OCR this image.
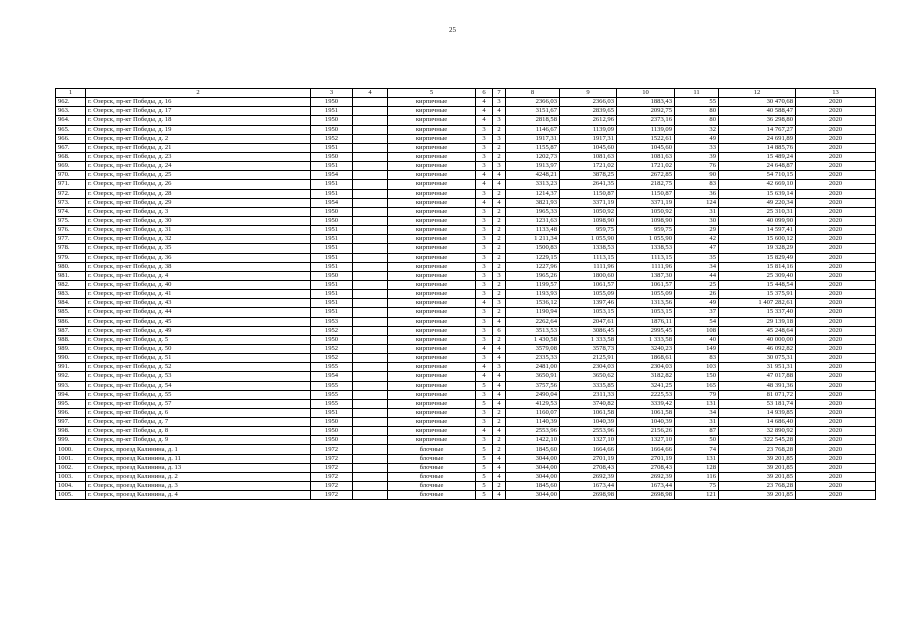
25
1	2	3	4	5	6	7	8	9	10	11	12	13
962.	г. Озерск, пр-кт Победы, д. 16	1950		кирпичные	4	3	2366,03	2366,03	1883,43	55	30 470,68	2020
963.	г. Озерск, пр-кт Победы, д. 17	1951		кирпичные	4	4	3151,67	2839,65	2092,75	80	40 588,47	2020
964.	г. Озерск, пр-кт Победы, д. 18	1950		кирпичные	4	3	2818,58	2612,96	2373,16	80	36 298,80	2020
965.	г. Озерск, пр-кт Победы, д. 19	1950		кирпичные	3	2	1146,67	1139,09	1139,09	32	14 767,27	2020
966.	г. Озерск, пр-кт Победы, д. 2	1952		кирпичные	3	3	1917,31	1917,31	1522,61	49	24 691,89	2020
967.	г. Озерск, пр-кт Победы, д. 21	1951		кирпичные	3	2	1155,87	1045,60	1045,60	33	14 885,76	2020
968.	г. Озерск, пр-кт Победы, д. 23	1950		кирпичные	3	2	1202,73	1081,63	1081,63	39	15 489,24	2020
969.	г. Озерск, пр-кт Победы, д. 24	1951		кирпичные	3	3	1913,97	1721,02	1721,02	76	24 648,87	2020
970.	г. Озерск, пр-кт Победы, д. 25	1954		кирпичные	4	4	4248,21	3878,25	2672,85	90	54 710,15	2020
971.	г. Озерск, пр-кт Победы, д. 26	1951		кирпичные	4	4	3313,23	2641,35	2182,75	83	42 669,10	2020
972.	г. Озерск, пр-кт Победы, д. 28	1951		кирпичные	3	2	1214,37	1150,87	1150,87	36	15 639,14	2020
973.	г. Озерск, пр-кт Победы, д. 29	1954		кирпичные	4	4	3821,93	3371,19	3371,19	124	49 220,34	2020
974.	г. Озерск, пр-кт Победы, д. 3	1950		кирпичные	3	2	1965,33	1050,92	1050,92	31	25 310,31	2020
975.	г. Озерск, пр-кт Победы, д. 30	1950		кирпичные	3	2	1231,63	1098,90	1098,90	30	40 099,90	2020
976.	г. Озерск, пр-кт Победы, д. 31	1951		кирпичные	3	2	1133,48	959,75	959,75	29	14 597,41	2020
977.	г. Озерск, пр-кт Победы, д. 32	1951		кирпичные	3	2	1 211,34	1 055,90	1 055,90	42	15 600,12	2020
978.	г. Озерск, пр-кт Победы, д. 35	1951		кирпичные	3	2	1500,83	1338,53	1338,53	47	19 328,29	2020
979.	г. Озерск, пр-кт Победы, д. 36	1951		кирпичные	3	2	1229,15	1113,15	1113,15	35	15 829,49	2020
980.	г. Озерск, пр-кт Победы, д. 38	1951		кирпичные	3	2	1227,96	1111,96	1111,96	34	15 814,16	2020
981.	г. Озерск, пр-кт Победы, д. 4	1950		кирпичные	3	3	1965,26	1800,60	1387,30	44	25 309,40	2020
982.	г. Озерск, пр-кт Победы, д. 40	1951		кирпичные	3	2	1199,57	1061,57	1061,57	25	15 448,54	2020
983.	г. Озерск, пр-кт Победы, д. 41	1951		кирпичные	3	2	1193,93	1055,09	1055,09	26	15 375,91	2020
984.	г. Озерск, пр-кт Победы, д. 43	1951		кирпичные	4	3	1536,12	1397,46	1313,56	49	1 407 282,61	2020
985.	г. Озерск, пр-кт Победы, д. 44	1951		кирпичные	3	2	1190,94	1053,15	1053,15	37	15 337,40	2020
986.	г. Озерск, пр-кт Победы, д. 45	1953		кирпичные	3	4	2262,64	2047,61	1876,11	54	29 139,18	2020
987.	г. Озерск, пр-кт Победы, д. 49	1952		кирпичные	3	6	3513,53	3086,45	2995,45	108	45 248,64	2020
988.	г. Озерск, пр-кт Победы, д. 5	1950		кирпичные	3	2	1 430,58	1 333,58	1 333,58	40	40 000,00	2020
989.	г. Озерск, пр-кт Победы, д. 50	1952		кирпичные	4	4	3579,08	3578,73	3240,23	149	46 092,82	2020
990.	г. Озерск, пр-кт Победы, д. 51	1952		кирпичные	3	4	2335,33	2125,91	1868,61	83	30 075,31	2020
991.	г. Озерск, пр-кт Победы, д. 52	1955		кирпичные	4	3	2481,00	2304,03	2304,03	103	31 951,31	2020
992.	г. Озерск, пр-кт Победы, д. 53	1954		кирпичные	4	4	3650,91	3650,62	3182,82	150	47 017,88	2020
993.	г. Озерск, пр-кт Победы, д. 54	1955		кирпичные	5	4	3757,56	3335,85	3241,25	165	48 391,36	2020
994.	г. Озерск, пр-кт Победы, д. 55	1955		кирпичные	3	4	2490,04	2311,33	2225,53	79	81 071,72	2020
995.	г. Озерск, пр-кт Победы, д. 57	1955		кирпичные	5	4	4129,53	3740,82	3339,42	131	53 181,74	2020
996.	г. Озерск, пр-кт Победы, д. 6	1951		кирпичные	3	2	1160,07	1061,58	1061,58	34	14 939,85	2020
997.	г. Озерск, пр-кт Победы, д. 7	1950		кирпичные	3	2	1140,39	1040,39	1040,39	31	14 686,40	2020
998.	г. Озерск, пр-кт Победы, д. 8	1950		кирпичные	4	4	2553,96	2553,96	2156,26	87	32 890,92	2020
999.	г. Озерск, пр-кт Победы, д. 9	1950		кирпичные	3	2	1422,10	1327,10	1327,10	50	322 545,28	2020
1000.	г. Озерск, проезд Калинина, д. 1	1972		блочные	5	2	1845,60	1664,66	1664,66	74	23 768,28	2020
1001.	г. Озерск, проезд Калинина, д. 11	1972		блочные	5	4	3044,00	2701,19	2701,19	131	39 201,85	2020
1002.	г. Озерск, проезд Калинина, д. 13	1972		блочные	5	4	3044,00	2708,43	2708,43	128	39 201,85	2020
1003.	г. Озерск, проезд Калинина, д. 2	1972		блочные	5	4	3044,00	2692,39	2692,39	116	39 201,85	2020
1004.	г. Озерск, проезд Калинина, д. 3	1972		блочные	5	2	1845,60	1673,44	1673,44	75	23 768,28	2020
1005.	г. Озерск, проезд Калинина, д. 4	1972		блочные	5	4	3044,00	2698,98	2698,98	121	39 201,85	2020
